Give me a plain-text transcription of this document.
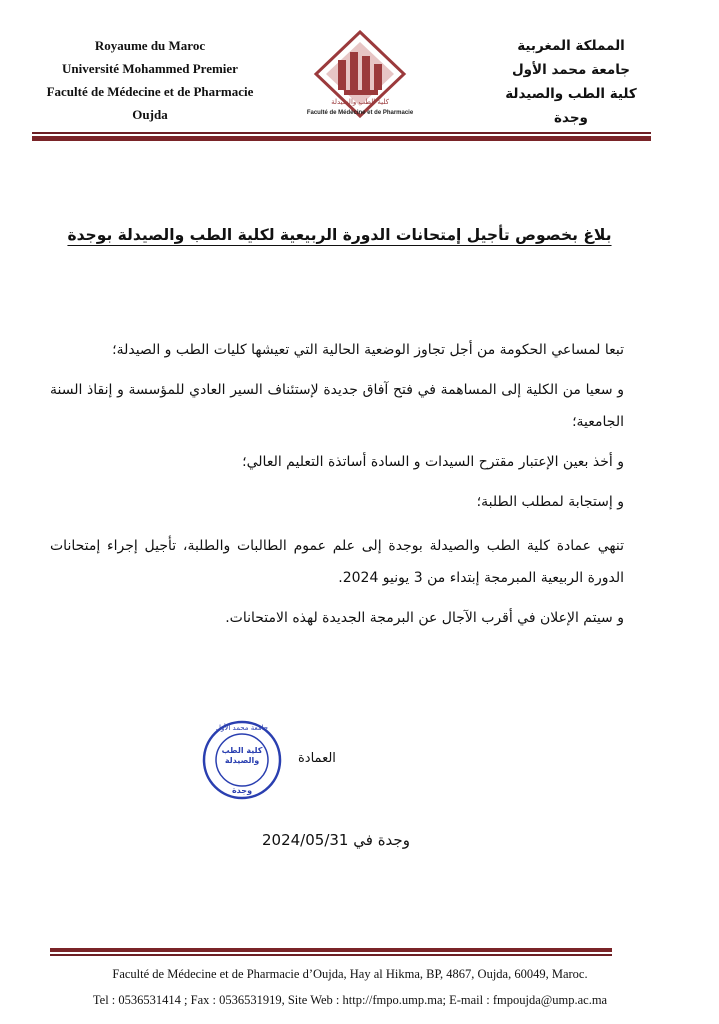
Royaume du Maroc
Université Mohammed Premier
Faculté de Médecine et de Pharmacie
Oujda
كلية الطب والصيدلة
Faculté de Médecine et de Pharmacie
المملكة المغربية
جامعة محمد الأول
كلية الطب والصيدلة
وجدة
بلاغ بخصوص تأجيل إمتحانات الدورة الربيعية لكلية الطب والصيدلة بوجدة

تبعا لمساعي الحكومة من أجل تجاوز الوضعية الحالية التي تعيشها كليات الطب و الصيدلة؛

و سعيا من الكلية إلى المساهمة في فتح آفاق جديدة لإستئناف السير العادي للمؤسسة و إنقاذ السنة الجامعية؛

و أخذ بعين الإعتبار مقترح السيدات و السادة أساتذة التعليم العالي؛

و إستجابة لمطلب الطلبة؛

تنهي عمادة كلية الطب والصيدلة بوجدة إلى علم عموم الطالبات والطلبة، تأجيل إجراء إمتحانات الدورة الربيعية المبرمجة إبتداء من 3 يونيو 2024.

و سيتم الإعلان في أقرب الآجال عن البرمجة الجديدة لهذه الامتحانات.

جامعة محمد الأول
كلية الطب والصيدلة
وجدة
العمادة
وجدة في 2024/05/31
Faculté de Médecine et de Pharmacie d’Oujda, Hay al Hikma, BP, 4867, Oujda, 60049, Maroc.
Tel : 0536531414 ; Fax : 0536531919, Site Web : http://fmpo.ump.ma; E-mail : fmpoujda@ump.ac.ma
